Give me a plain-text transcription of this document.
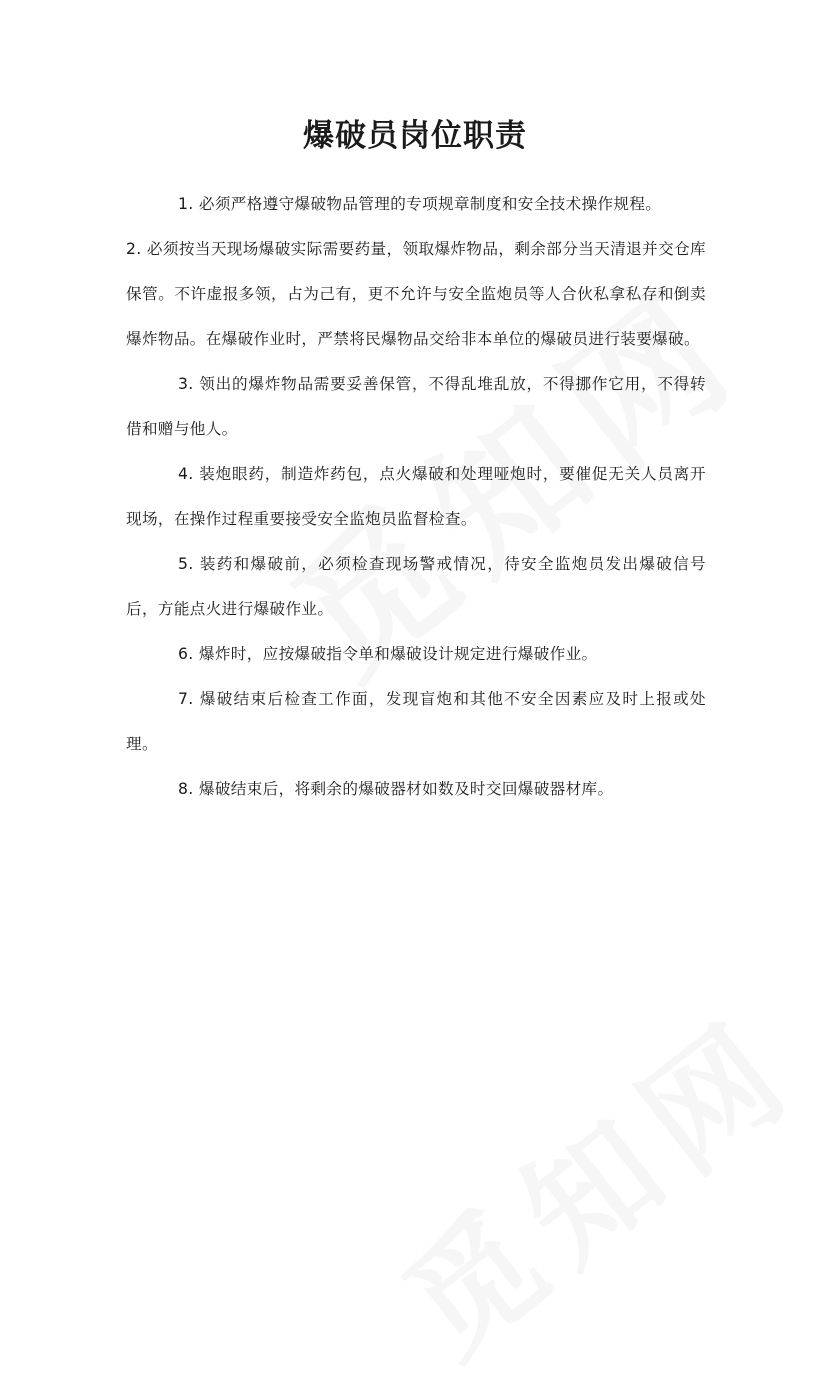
爆破员岗位职责

1. 必须严格遵守爆破物品管理的专项规章制度和安全技术操作规程。

2. 必须按当天现场爆破实际需要药量，领取爆炸物品，剩余部分当天清退并交仓库保管。不许虚报多领，占为己有，更不允许与安全监炮员等人合伙私拿私存和倒卖爆炸物品。在爆破作业时，严禁将民爆物品交给非本单位的爆破员进行装要爆破。

3. 领出的爆炸物品需要妥善保管，不得乱堆乱放，不得挪作它用，不得转借和赠与他人。

4. 装炮眼药，制造炸药包，点火爆破和处理哑炮时，要催促无关人员离开现场，在操作过程重要接受安全监炮员监督检查。

5. 装药和爆破前，必须检查现场警戒情况，待安全监炮员发出爆破信号后，方能点火进行爆破作业。

6. 爆炸时，应按爆破指令单和爆破设计规定进行爆破作业。

7. 爆破结束后检查工作面，发现盲炮和其他不安全因素应及时上报或处理。

8. 爆破结束后，将剩余的爆破器材如数及时交回爆破器材库。
